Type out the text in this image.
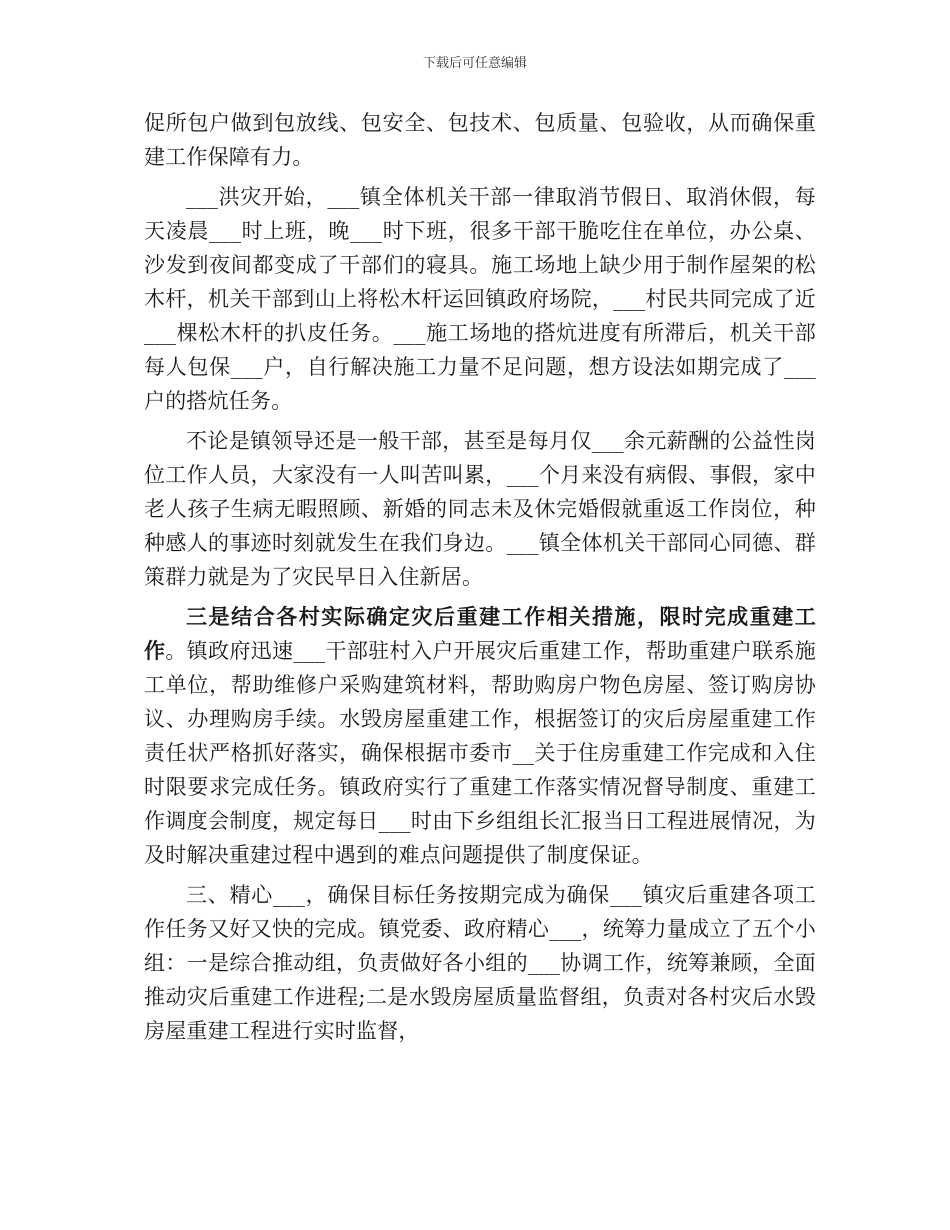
下载后可任意编辑

促所包户做到包放线、包安全、包技术、包质量、包验收，从而确保重建工作保障有力。

___洪灾开始，___镇全体机关干部一律取消节假日、取消休假，每天凌晨___时上班，晚___时下班，很多干部干脆吃住在单位，办公桌、沙发到夜间都变成了干部们的寝具。施工场地上缺少用于制作屋架的松木杆，机关干部到山上将松木杆运回镇政府场院，___村民共同完成了近___棵松木杆的扒皮任务。___施工场地的搭炕进度有所滞后，机关干部每人包保___户，自行解决施工力量不足问题，想方设法如期完成了___户的搭炕任务。

不论是镇领导还是一般干部，甚至是每月仅___余元薪酬的公益性岗位工作人员，大家没有一人叫苦叫累，___个月来没有病假、事假，家中老人孩子生病无暇照顾、新婚的同志未及休完婚假就重返工作岗位，种种感人的事迹时刻就发生在我们身边。___镇全体机关干部同心同德、群策群力就是为了灾民早日入住新居。

三是结合各村实际确定灾后重建工作相关措施，限时完成重建工作。镇政府迅速___干部驻村入户开展灾后重建工作，帮助重建户联系施工单位，帮助维修户采购建筑材料，帮助购房户物色房屋、签订购房协议、办理购房手续。水毁房屋重建工作，根据签订的灾后房屋重建工作责任状严格抓好落实，确保根据市委市__关于住房重建工作完成和入住时限要求完成任务。镇政府实行了重建工作落实情况督导制度、重建工作调度会制度，规定每日___时由下乡组组长汇报当日工程进展情况，为及时解决重建过程中遇到的难点问题提供了制度保证。

三、精心___，确保目标任务按期完成为确保___镇灾后重建各项工作任务又好又快的完成。镇党委、政府精心___，统筹力量成立了五个小组：一是综合推动组，负责做好各小组的___协调工作，统筹兼顾，全面推动灾后重建工作进程;二是水毁房屋质量监督组，负责对各村灾后水毁房屋重建工程进行实时监督，
